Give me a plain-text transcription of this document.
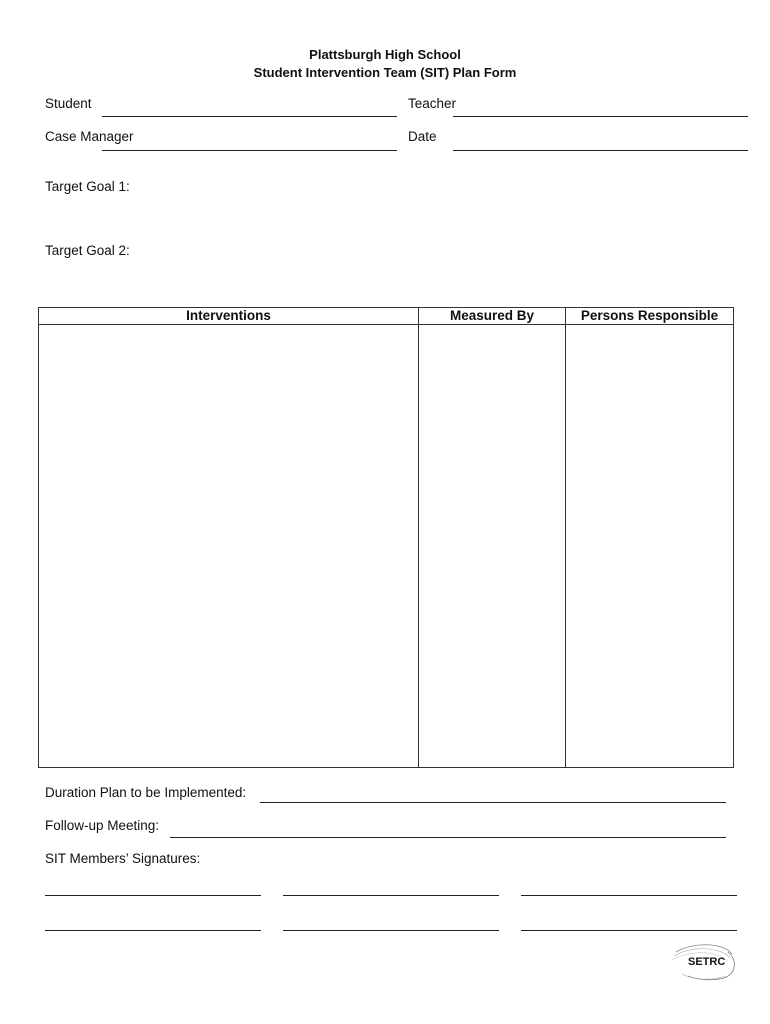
Plattsburgh High School
Student Intervention Team (SIT) Plan Form
Student	Teacher
Case Manager	Date
Target Goal 1:
Target Goal 2:
Interventions	Measured By	Persons Responsible

Duration Plan to be Implemented:
Follow-up Meeting:
SIT Members’ Signatures:
SETRC
